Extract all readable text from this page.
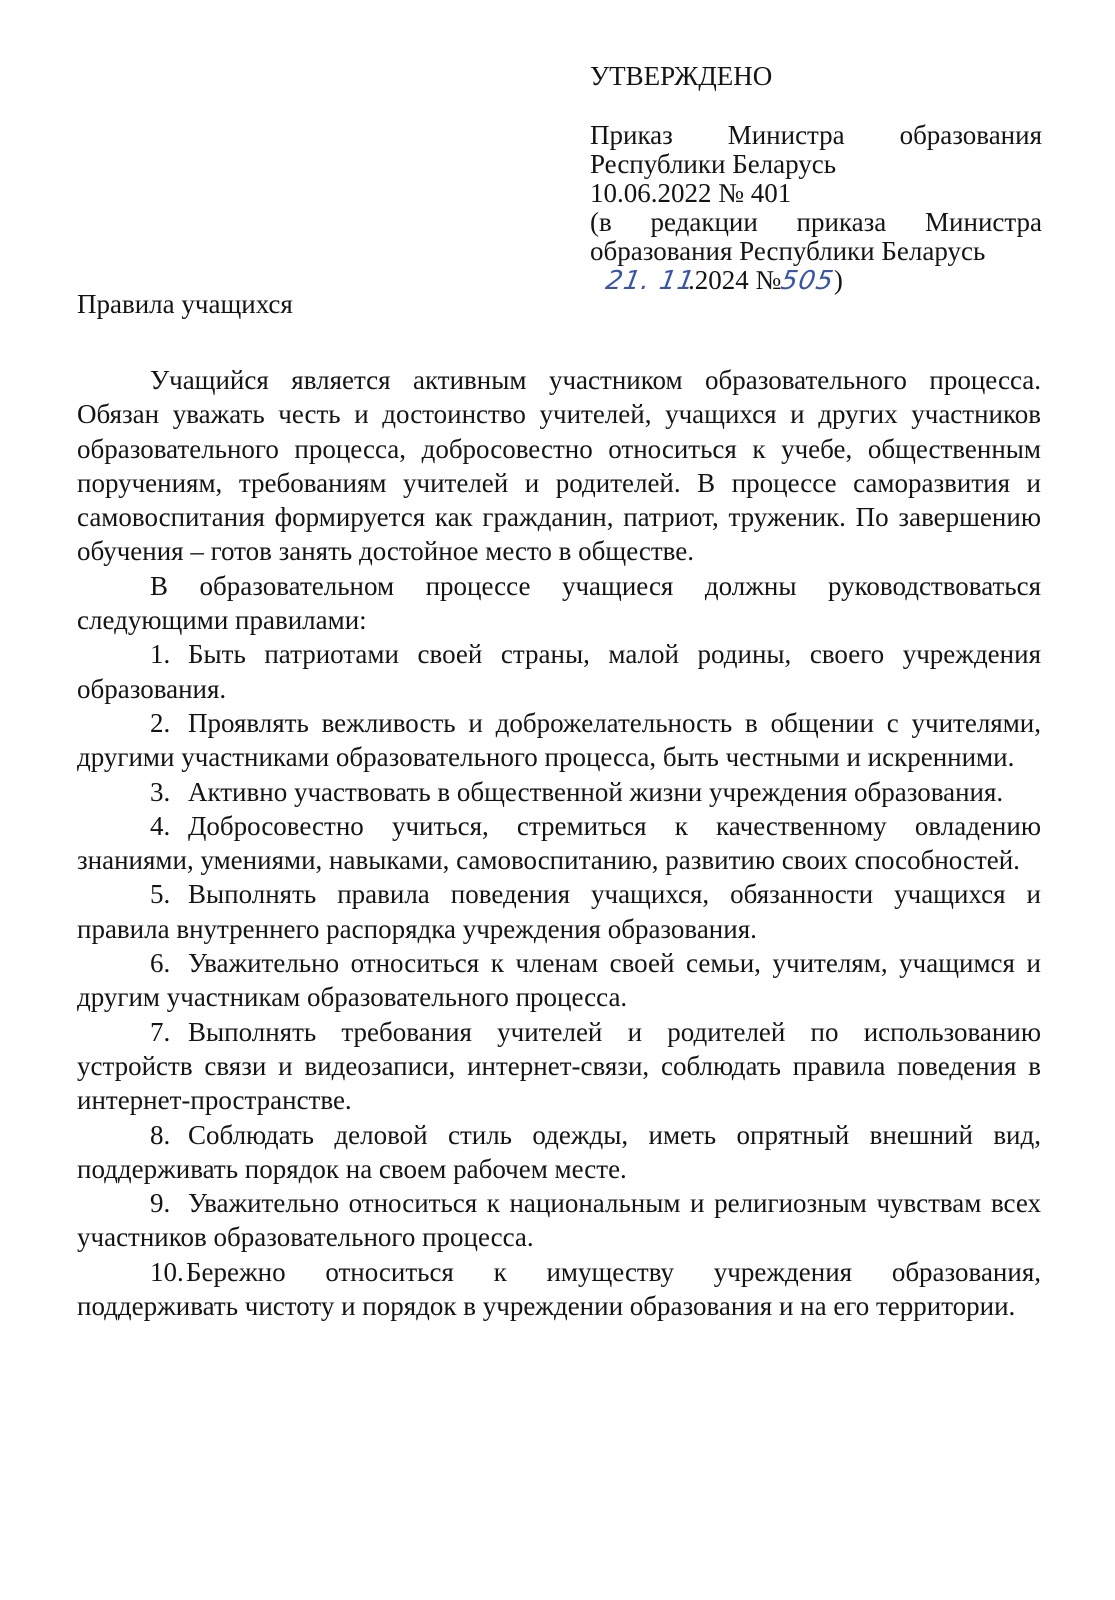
УТВЕРЖДЕНО
Приказ Министра образования
Республики Беларусь
10.06.2022 № 401
(в редакции приказа Министра
образования Республики Беларусь
21. 11.2024 №505)
Правила учащихся

Учащийся является активным участником образовательного процесса. Обязан уважать честь и достоинство учителей, учащихся и других участников образовательного процесса, добросовестно относиться к учебе, общественным поручениям, требованиям учителей и родителей. В процессе саморазвития и самовоспитания формируется как гражданин, патриот, труженик. По завершению обучения – готов занять достойное место в обществе.

В образовательном процессе учащиеся должны руководствоваться следующими правилами:

1. Быть патриотами своей страны, малой родины, своего учреждения образования.

2. Проявлять вежливость и доброжелательность в общении с учителями, другими участниками образовательного процесса, быть честными и искренними.

3. Активно участвовать в общественной жизни учреждения образования.

4. Добросовестно учиться, стремиться к качественному овладению знаниями, умениями, навыками, самовоспитанию, развитию своих способностей.

5. Выполнять правила поведения учащихся, обязанности учащихся и правила внутреннего распорядка учреждения образования.

6. Уважительно относиться к членам своей семьи, учителям, учащимся и другим участникам образовательного процесса.

7. Выполнять требования учителей и родителей по использованию устройств связи и видеозаписи, интернет-связи, соблюдать правила поведения в интернет-пространстве.

8. Соблюдать деловой стиль одежды, иметь опрятный внешний вид, поддерживать порядок на своем рабочем месте.

9. Уважительно относиться к национальным и религиозным чувствам всех участников образовательного процесса.

10.Бережно относиться к имуществу учреждения образования, поддерживать чистоту и порядок в учреждении образования и на его территории.
